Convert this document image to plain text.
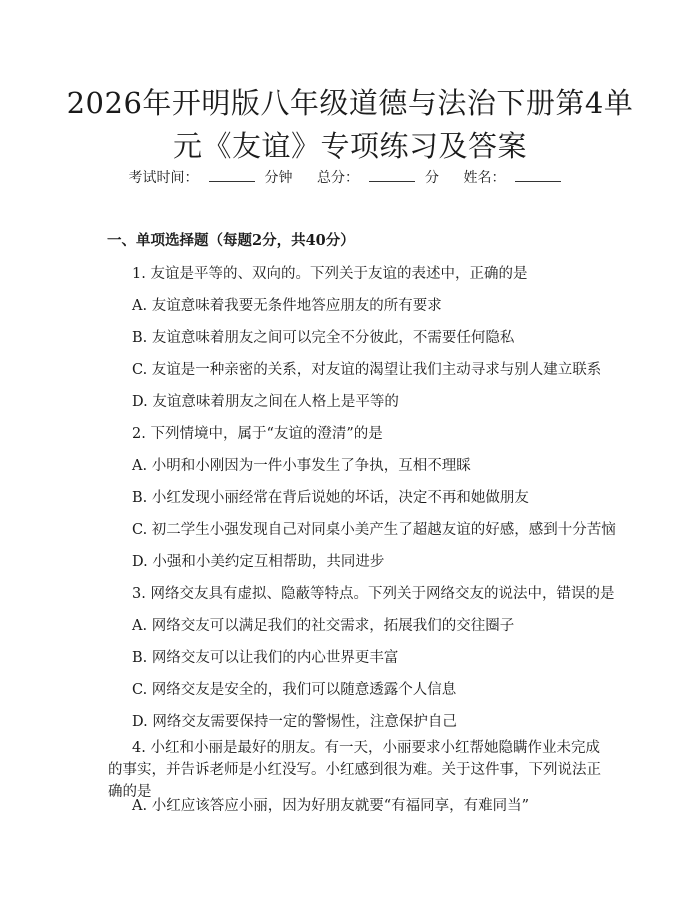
2026年开明版八年级道德与法治下册第4单
元《友谊》专项练习及答案
考试时间：	分钟 总分：	分 姓名：
一、单项选择题（每题2分，共40分）
1. 友谊是平等的、双向的。下列关于友谊的表述中，正确的是
A. 友谊意味着我要无条件地答应朋友的所有要求
B. 友谊意味着朋友之间可以完全不分彼此，不需要任何隐私
C. 友谊是一种亲密的关系，对友谊的渴望让我们主动寻求与别人建立联系
D. 友谊意味着朋友之间在人格上是平等的
2. 下列情境中，属于“友谊的澄清”的是
A. 小明和小刚因为一件小事发生了争执，互相不理睬
B. 小红发现小丽经常在背后说她的坏话，决定不再和她做朋友
C. 初二学生小强发现自己对同桌小美产生了超越友谊的好感，感到十分苦恼
D. 小强和小美约定互相帮助，共同进步
3. 网络交友具有虚拟、隐蔽等特点。下列关于网络交友的说法中，错误的是
A. 网络交友可以满足我们的社交需求，拓展我们的交往圈子
B. 网络交友可以让我们的内心世界更丰富
C. 网络交友是安全的，我们可以随意透露个人信息
D. 网络交友需要保持一定的警惕性，注意保护自己
4. 小红和小丽是最好的朋友。有一天，小丽要求小红帮她隐瞒作业未完成的事实，并告诉老师是小红没写。小红感到很为难。关于这件事，下列说法正确的是
A. 小红应该答应小丽，因为好朋友就要“有福同享，有难同当”
